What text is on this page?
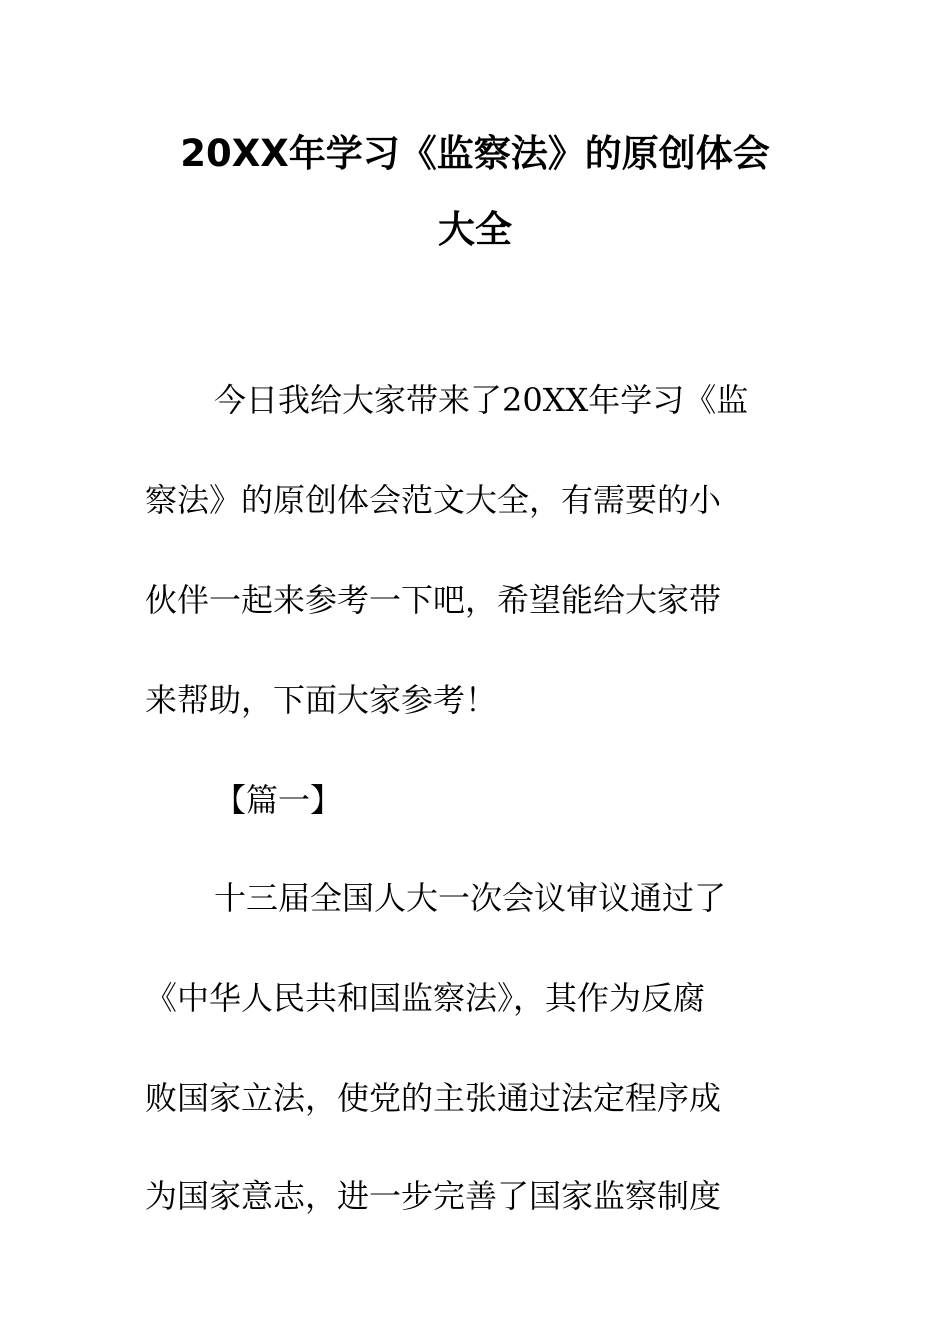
20XX年学习《监察法》的原创体会
大全

今日我给大家带来了20XX年学习《监

察法》的原创体会范文大全，有需要的小

伙伴一起来参考一下吧，希望能给大家带

来帮助，下面大家参考！

【篇一】

十三届全国人大一次会议审议通过了

《中华人民共和国监察法》，其作为反腐

败国家立法，使党的主张通过法定程序成

为国家意志，进一步完善了国家监察制度
